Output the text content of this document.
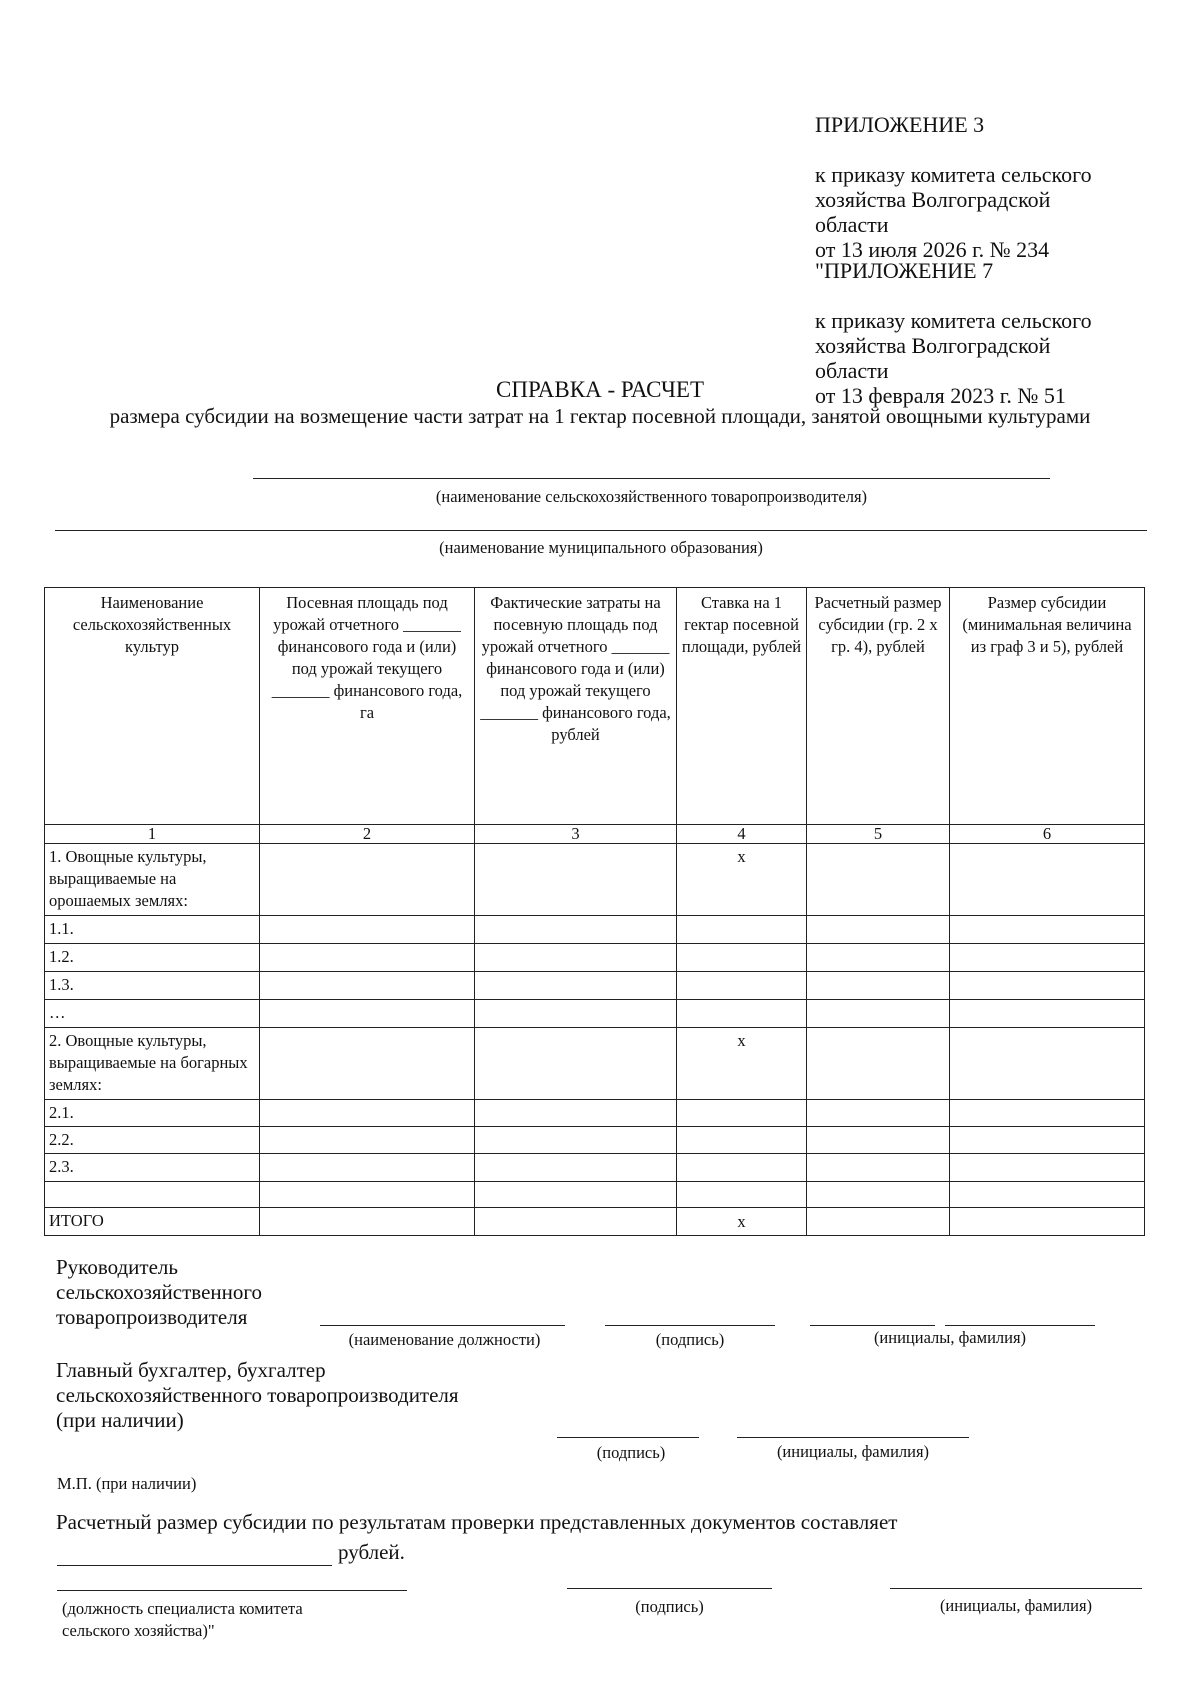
ПРИЛОЖЕНИЕ 3

к приказу комитета сельского
хозяйства Волгоградской
области
от 13 июля 2026 г. № 234

"ПРИЛОЖЕНИЕ 7

к приказу комитета сельского
хозяйства Волгоградской
области
от 13 февраля 2023 г. № 51

СПРАВКА - РАСЧЕТ
размера субсидии на возмещение части затрат на 1 гектар посевной площади, занятой овощными культурами
(наименование сельскохозяйственного товаропроизводителя)
(наименование муниципального образования)
Наименование сельскохозяйственных культур	Посевная площадь под урожай отчетного _______ финансового года и (или) под урожай текущего _______ финансового года, га	Фактические затраты на посевную площадь под урожай отчетного _______ финансового года и (или) под урожай текущего _______ финансового года, рублей	Ставка на 1 гектар посевной площади, рублей	Расчетный размер субсидии (гр. 2 x гр. 4), рублей	Размер субсидии (минимальная величина из граф 3 и 5), рублей
1	2	3	4	5	6
1. Овощные культуры, выращиваемые на орошаемых землях:			х		
1.1.					
1.2.					
1.3.					
…					
2. Овощные культуры, выращиваемые на богарных землях:			х		
2.1.					
2.2.					
2.3.					

ИТОГО			х		
Руководитель
сельскохозяйственного
товаропроизводителя
(наименование должности)	(подпись)	(инициалы, фамилия)
Главный бухгалтер, бухгалтер
сельскохозяйственного товаропроизводителя
(при наличии)
(подпись)	(инициалы, фамилия)
М.П. (при наличии)
Расчетный размер субсидии по результатам проверки представленных документов составляет
рублей.
(должность специалиста комитета
сельского хозяйства)"
(подпись)	(инициалы, фамилия)
